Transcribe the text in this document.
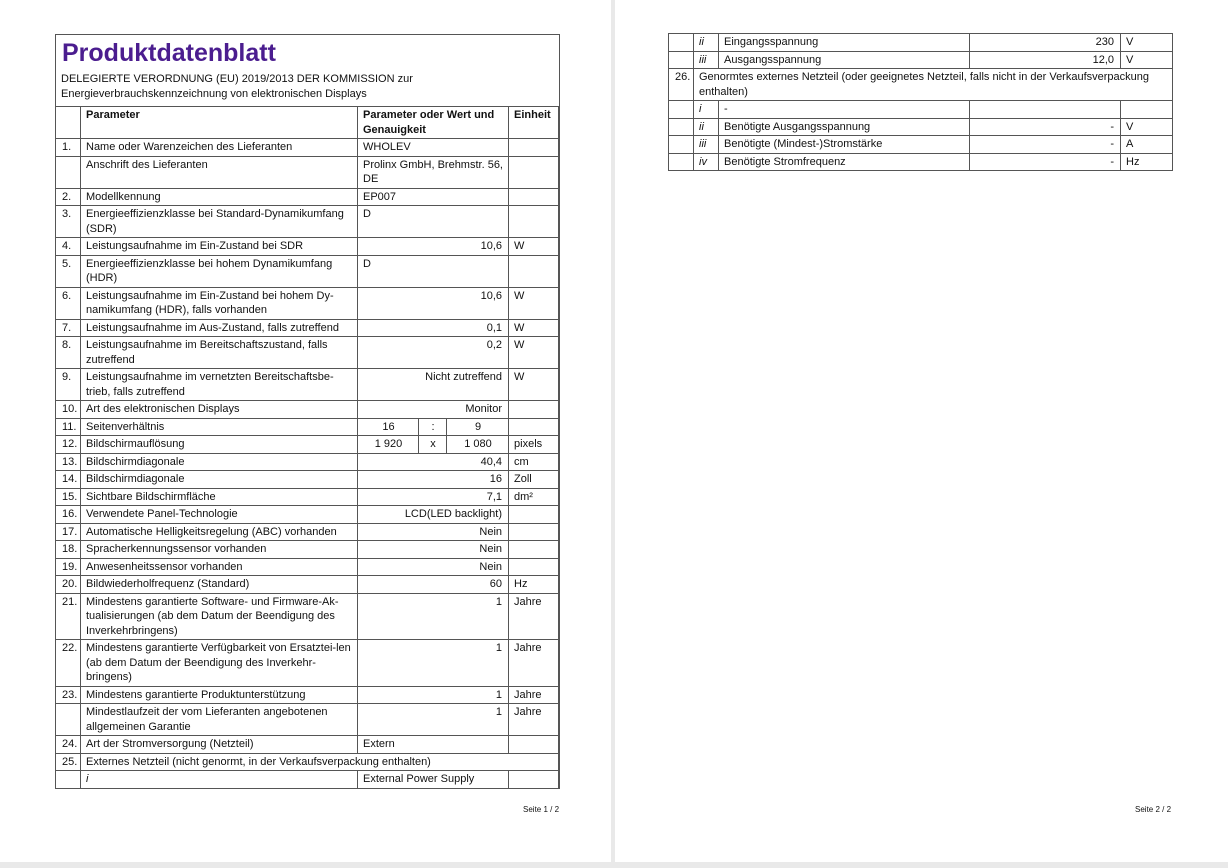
Produktdatenblatt
DELEGIERTE VERORDNUNG (EU) 2019/2013 DER KOMMISSION zur
Energieverbrauchskennzeichnung von elektronischen Displays
	Parameter	Parameter oder Wert und Genauigkeit			Einheit
1.	Name oder Warenzeichen des Lieferanten	WHOLEV			
	Anschrift des Lieferanten	Prolinx GmbH, Brehmstr. 56, DE			
2.	Modellkennung	EP007			
3.	Energieeffizienzklasse bei Standard-Dynamikumfang (SDR)	D			
4.	Leistungsaufnahme im Ein-Zustand bei SDR	10,6			W
5.	Energieeffizienzklasse bei hohem Dynamikumfang (HDR)	D			
6.	Leistungsaufnahme im Ein-Zustand bei hohem Dy-namikumfang (HDR), falls vorhanden	10,6			W
7.	Leistungsaufnahme im Aus-Zustand, falls zutreffend	0,1			W
8.	Leistungsaufnahme im Bereitschaftszustand, falls zutreffend	0,2			W
9.	Leistungsaufnahme im vernetzten Bereitschaftsbe-trieb, falls zutreffend	Nicht zutreffend			W
10.	Art des elektronischen Displays	Monitor			
11.	Seitenverhältnis	16	:	9	
12.	Bildschirmauflösung	1 920	x	1 080	pixels
13.	Bildschirmdiagonale	40,4			cm
14.	Bildschirmdiagonale	16			Zoll
15.	Sichtbare Bildschirmfläche	7,1			dm²
16.	Verwendete Panel-Technologie	LCD(LED backlight)			
17.	Automatische Helligkeitsregelung (ABC) vorhanden	Nein			
18.	Spracherkennungssensor vorhanden	Nein			
19.	Anwesenheitssensor vorhanden	Nein			
20.	Bildwiederholfrequenz (Standard)	60			Hz
21.	Mindestens garantierte Software- und Firmware-Ak-tualisierungen (ab dem Datum der Beendigung des Inverkehrbringens)	1			Jahre
22.	Mindestens garantierte Verfügbarkeit von Ersatztei-len (ab dem Datum der Beendigung des Inverkehr-bringens)	1			Jahre
23.	Mindestens garantierte Produktunterstützung	1			Jahre
	Mindestlaufzeit der vom Lieferanten angebotenen allgemeinen Garantie	1			Jahre
24.	Art der Stromversorgung (Netzteil)	Extern			
25.	Externes Netzteil (nicht genormt, in der Verkaufsverpackung enthalten)				
	i	External Power Supply			
Seite 1 / 2
	ii	Eingangsspannung	230	V
	iii	Ausgangsspannung	12,0	V
26.	Genormtes externes Netzteil (oder geeignetes Netzteil, falls nicht in der Verkaufsverpackung enthalten)			
	i	-		
	ii	Benötigte Ausgangsspannung	-	V
	iii	Benötigte (Mindest-)Stromstärke	-	A
	iv	Benötigte Stromfrequenz	-	Hz
Seite 2 / 2
